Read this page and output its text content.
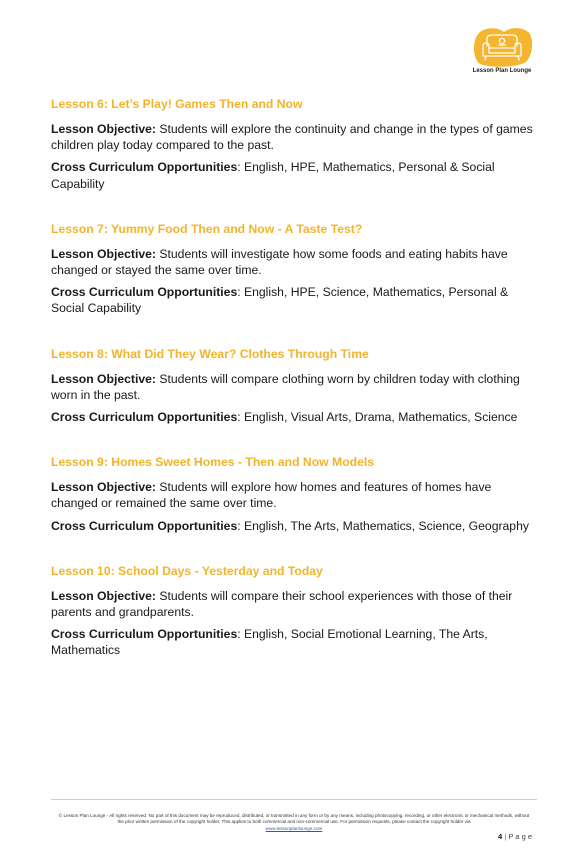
Lesson Plan Lounge
Lesson 6: Let’s Play! Games Then and Now

Lesson Objective: Students will explore the continuity and change in the types of games children play today compared to the past.

Cross Curriculum Opportunities: English, HPE, Mathematics, Personal & Social Capability

Lesson 7: Yummy Food Then and Now - A Taste Test?

Lesson Objective: Students will investigate how some foods and eating habits have changed or stayed the same over time.

Cross Curriculum Opportunities: English, HPE, Science, Mathematics, Personal & Social Capability

Lesson 8: What Did They Wear? Clothes Through Time

Lesson Objective: Students will compare clothing worn by children today with clothing worn in the past.

Cross Curriculum Opportunities: English, Visual Arts, Drama, Mathematics, Science

Lesson 9: Homes Sweet Homes - Then and Now Models

Lesson Objective: Students will explore how homes and features of homes have changed or remained the same over time.

Cross Curriculum Opportunities: English, The Arts, Mathematics, Science, Geography

Lesson 10: School Days - Yesterday and Today

Lesson Objective: Students will compare their school experiences with those of their parents and grandparents.

Cross Curriculum Opportunities: English, Social Emotional Learning, The Arts, Mathematics

© Lesson Plan Lounge - All rights reserved. No part of this document may be reproduced, distributed, or transmitted in any form or by any means, including photocopying, recording, or other electronic or mechanical methods, without the prior written permission of the copyright holder. This applies to both commercial and non-commercial use. For permission requests, please contact the copyright holder via
www.lessonplanlounge.com
4 | P a g e
